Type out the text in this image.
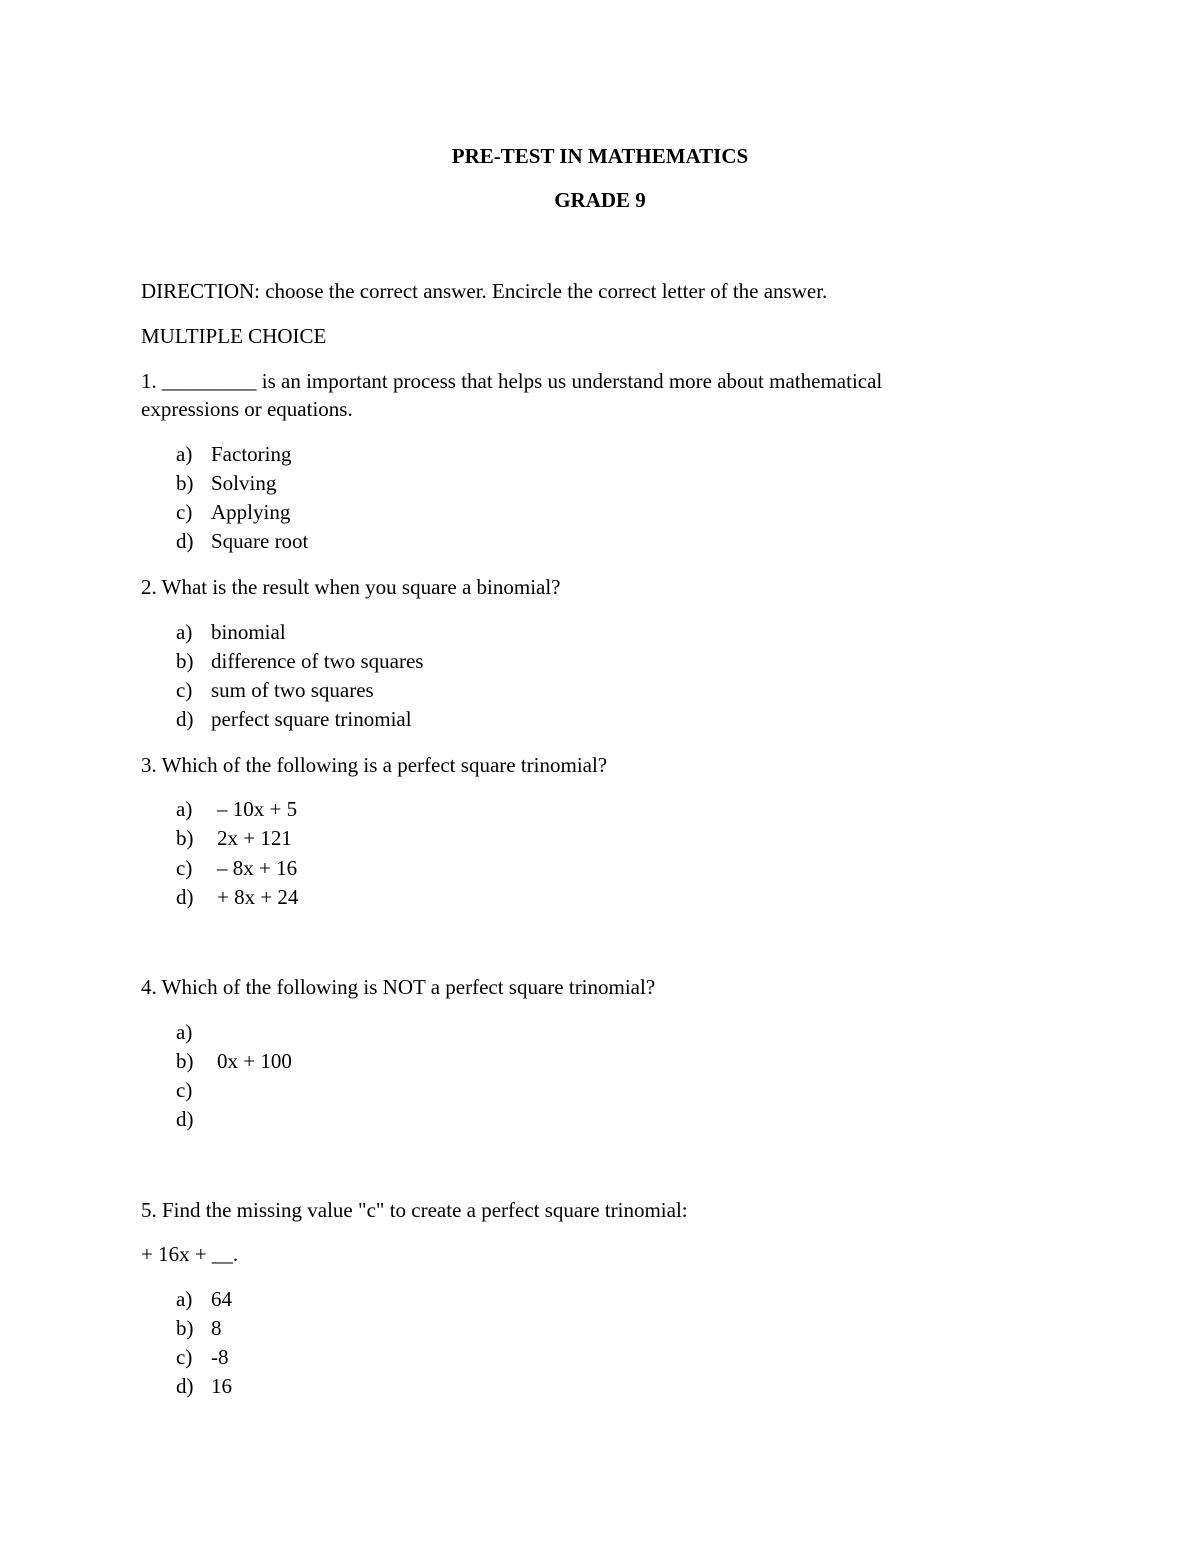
PRE-TEST IN MATHEMATICS
GRADE 9
DIRECTION: choose the correct answer. Encircle the correct letter of the answer.
MULTIPLE CHOICE
1. _________ is an important process that helps us understand more about mathematical
expressions or equations.
a) Factoring
b) Solving
c) Applying
d) Square root
2. What is the result when you square a binomial?
a) binomial
b) difference of two squares
c) sum of two squares
d) perfect square trinomial
3. Which of the following is a perfect square trinomial?
a) – 10x + 5
b) 2x + 121
c) – 8x + 16
d) + 8x + 24
4. Which of the following is NOT a perfect square trinomial?
a)
b) 0x + 100
c)
d)
5. Find the missing value "c" to create a perfect square trinomial:
+ 16x + __.
a) 64
b) 8
c) -8
d) 16
